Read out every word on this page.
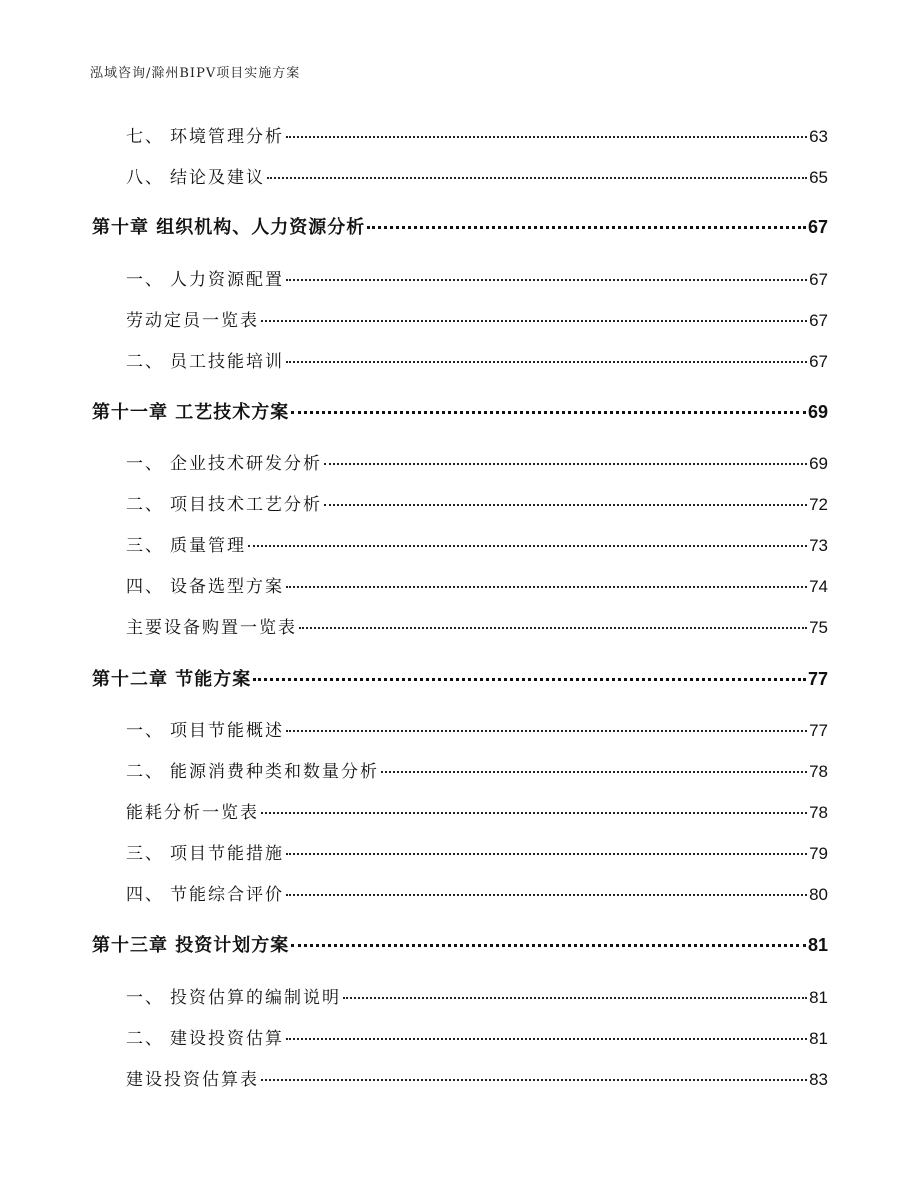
泓域咨询/滁州BIPV项目实施方案
七、 环境管理分析	63
八、 结论及建议	65
第十章 组织机构、人力资源分析	67
一、 人力资源配置	67
劳动定员一览表	67
二、 员工技能培训	67
第十一章 工艺技术方案	69
一、 企业技术研发分析	69
二、 项目技术工艺分析	72
三、 质量管理	73
四、 设备选型方案	74
主要设备购置一览表	75
第十二章 节能方案	77
一、 项目节能概述	77
二、 能源消费种类和数量分析	78
能耗分析一览表	78
三、 项目节能措施	79
四、 节能综合评价	80
第十三章 投资计划方案	81
一、 投资估算的编制说明	81
二、 建设投资估算	81
建设投资估算表	83
